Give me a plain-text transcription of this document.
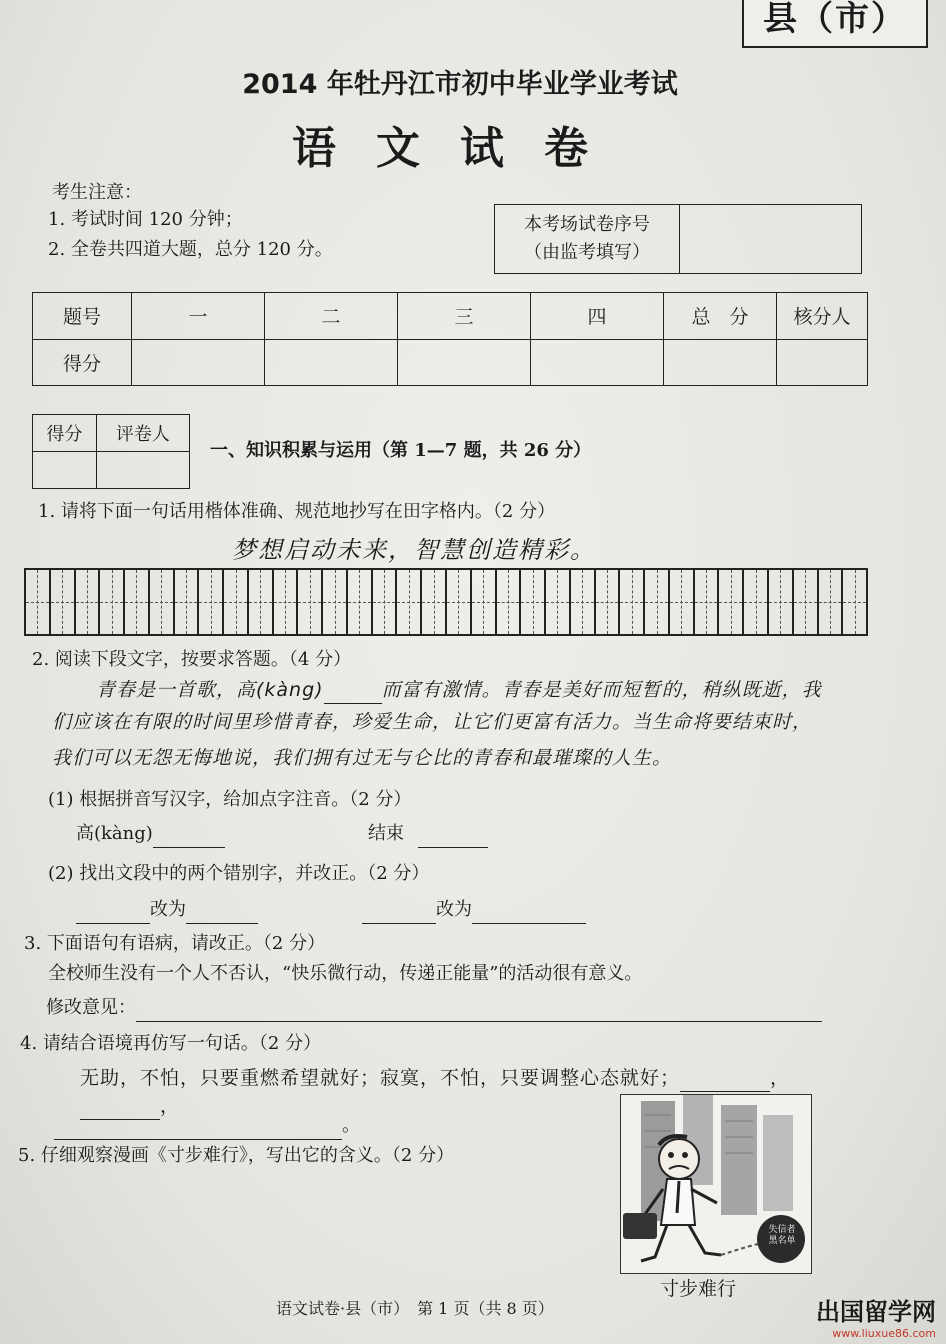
县（市）
2014 年牡丹江市初中毕业学业考试
语文试卷
考生注意：
1. 考试时间 120 分钟；
2. 全卷共四道大题，总分 120 分。
本考场试卷序号
（由监考填写）
题号	一	二	三	四	总　分	核分人
得分						
得分	评卷人

一、知识积累与运用（第 1—7 题，共 26 分）
1. 请将下面一句话用楷体准确、规范地抄写在田字格内。（2 分）
梦想启动未来，智慧创造精彩。
2. 阅读下段文字，按要求答题。（4 分）
青春是一首歌，高(kàng)	而富有激情。青春是美好而短暂的，稍纵既逝，我
们应该在有限的时间里珍惜青春，珍爱生命，让它们更富有活力。当生命将要结束时，
我们可以无怨无悔地说，我们拥有过无与仑比的青春和最璀璨的人生。
(1) 根据拼音写汉字，给加点字注音。（2 分）
高(kàng)	结束
(2) 找出文段中的两个错别字，并改正。（2 分）
改为	改为
3. 下面语句有语病，请改正。（2 分）
全校师生没有一个人不否认，“快乐微行动，传递正能量”的活动很有意义。
修改意见：
4. 请结合语境再仿写一句话。（2 分）
无助，不怕，只要重燃希望就好；寂寞，不怕，只要调整心态就好；	，，
。
5. 仔细观察漫画《寸步难行》，写出它的含义。（2 分）
失信者
黑名单
寸步难行
语文试卷·县（市）　第 1 页（共 8 页）	出国留学网
www.liuxue86.com
